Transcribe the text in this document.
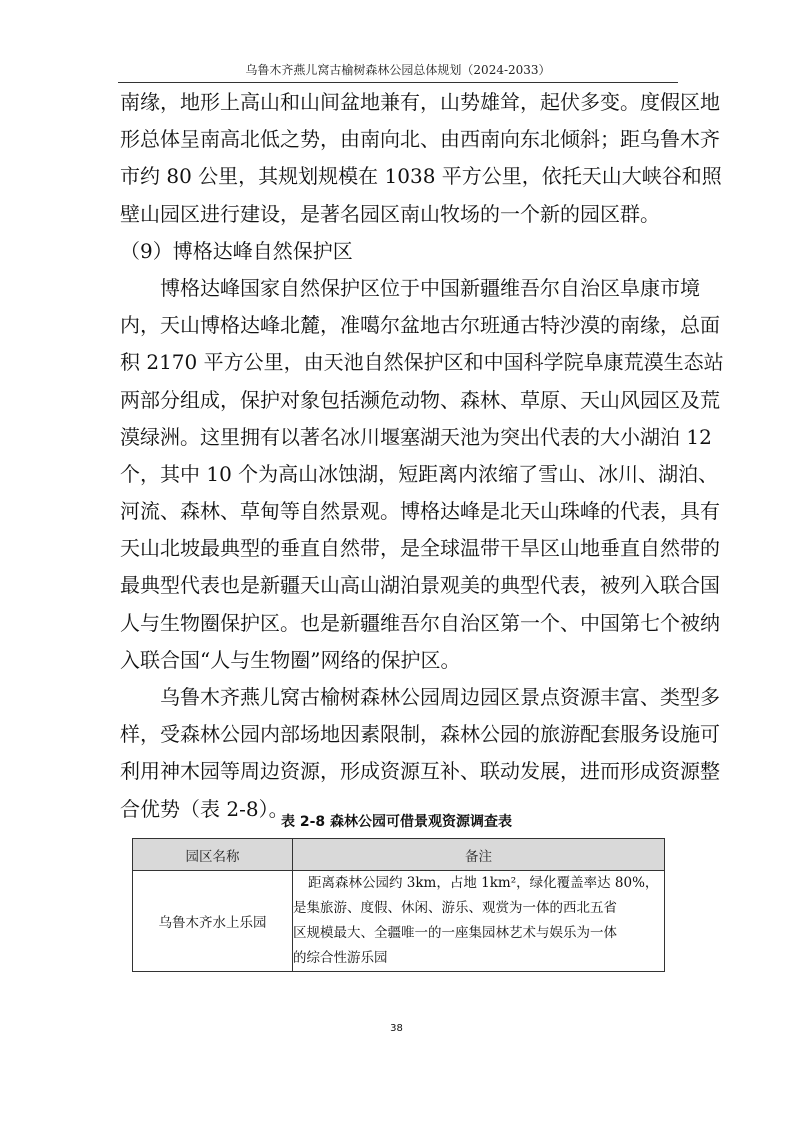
乌鲁木齐燕儿窝古榆树森林公园总体规划（2024-2033）
南缘，地形上高山和山间盆地兼有，山势雄耸，起伏多变。度假区地
形总体呈南高北低之势，由南向北、由西南向东北倾斜；距乌鲁木齐
市约 80 公里，其规划规模在 1038 平方公里，依托天山大峡谷和照
壁山园区进行建设，是著名园区南山牧场的一个新的园区群。
（9）博格达峰自然保护区
博格达峰国家自然保护区位于中国新疆维吾尔自治区阜康市境
内，天山博格达峰北麓，准噶尔盆地古尔班通古特沙漠的南缘，总面
积 2170 平方公里，由天池自然保护区和中国科学院阜康荒漠生态站
两部分组成，保护对象包括濒危动物、森林、草原、天山风园区及荒
漠绿洲。这里拥有以著名冰川堰塞湖天池为突出代表的大小湖泊 12
个，其中 10 个为高山冰蚀湖，短距离内浓缩了雪山、冰川、湖泊、
河流、森林、草甸等自然景观。博格达峰是北天山珠峰的代表，具有
天山北坡最典型的垂直自然带，是全球温带干旱区山地垂直自然带的
最典型代表也是新疆天山高山湖泊景观美的典型代表，被列入联合国
人与生物圈保护区。也是新疆维吾尔自治区第一个、中国第七个被纳
入联合国“人与生物圈”网络的保护区。
乌鲁木齐燕儿窝古榆树森林公园周边园区景点资源丰富、类型多
样，受森林公园内部场地因素限制，森林公园的旅游配套服务设施可
利用神木园等周边资源，形成资源互补、联动发展，进而形成资源整
合优势（表 2-8）。
表 2-8 森林公园可借景观资源调查表
园区名称	备注
乌鲁木齐水上乐园	距离森林公园约 3km，占地 1km²，绿化覆盖率达 80%，
是集旅游、度假、休闲、游乐、观赏为一体的西北五省
区规模最大、全疆唯一的一座集园林艺术与娱乐为一体
的综合性游乐园
38
